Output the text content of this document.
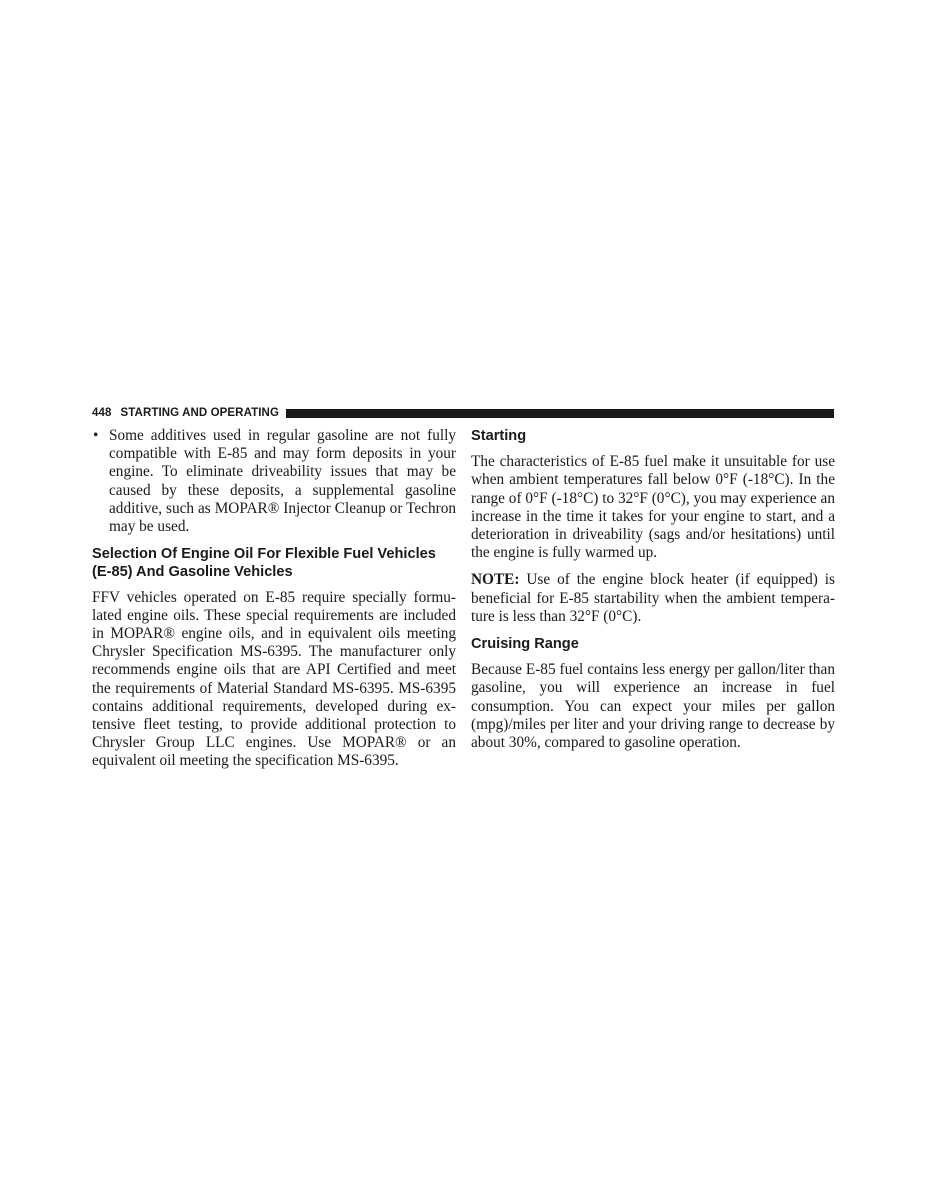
448 STARTING AND OPERATING
• Some additives used in regular gasoline are not fully compatible with E-85 and may form deposits in your engine. To eliminate driveability issues that may be caused by these deposits, a supplemental gasoline additive, such as MOPAR® Injector Cleanup or Techron may be used.

Selection Of Engine Oil For Flexible Fuel Vehicles (E-85) And Gasoline Vehicles

FFV vehicles operated on E-85 require specially formulated engine oils. These special requirements are included in MOPAR® engine oils, and in equivalent oils meeting Chrysler Specification MS-6395. The manufacturer only recommends engine oils that are API Certified and meet the requirements of Material Standard MS-6395. MS-6395 contains additional requirements, developed during extensive fleet testing, to provide additional protection to Chrysler Group LLC engines. Use MOPAR® or an equivalent oil meeting the specification MS-6395.

Starting

The characteristics of E-85 fuel make it unsuitable for use when ambient temperatures fall below 0°F (-18°C). In the range of 0°F (-18°C) to 32°F (0°C), you may experience an increase in the time it takes for your engine to start, and a deterioration in driveability (sags and/or hesitations) until the engine is fully warmed up.

NOTE: Use of the engine block heater (if equipped) is beneficial for E-85 startability when the ambient temperature is less than 32°F (0°C).

Cruising Range

Because E-85 fuel contains less energy per gallon/liter than gasoline, you will experience an increase in fuel consumption. You can expect your miles per gallon (mpg)/miles per liter and your driving range to decrease by about 30%, compared to gasoline operation.
